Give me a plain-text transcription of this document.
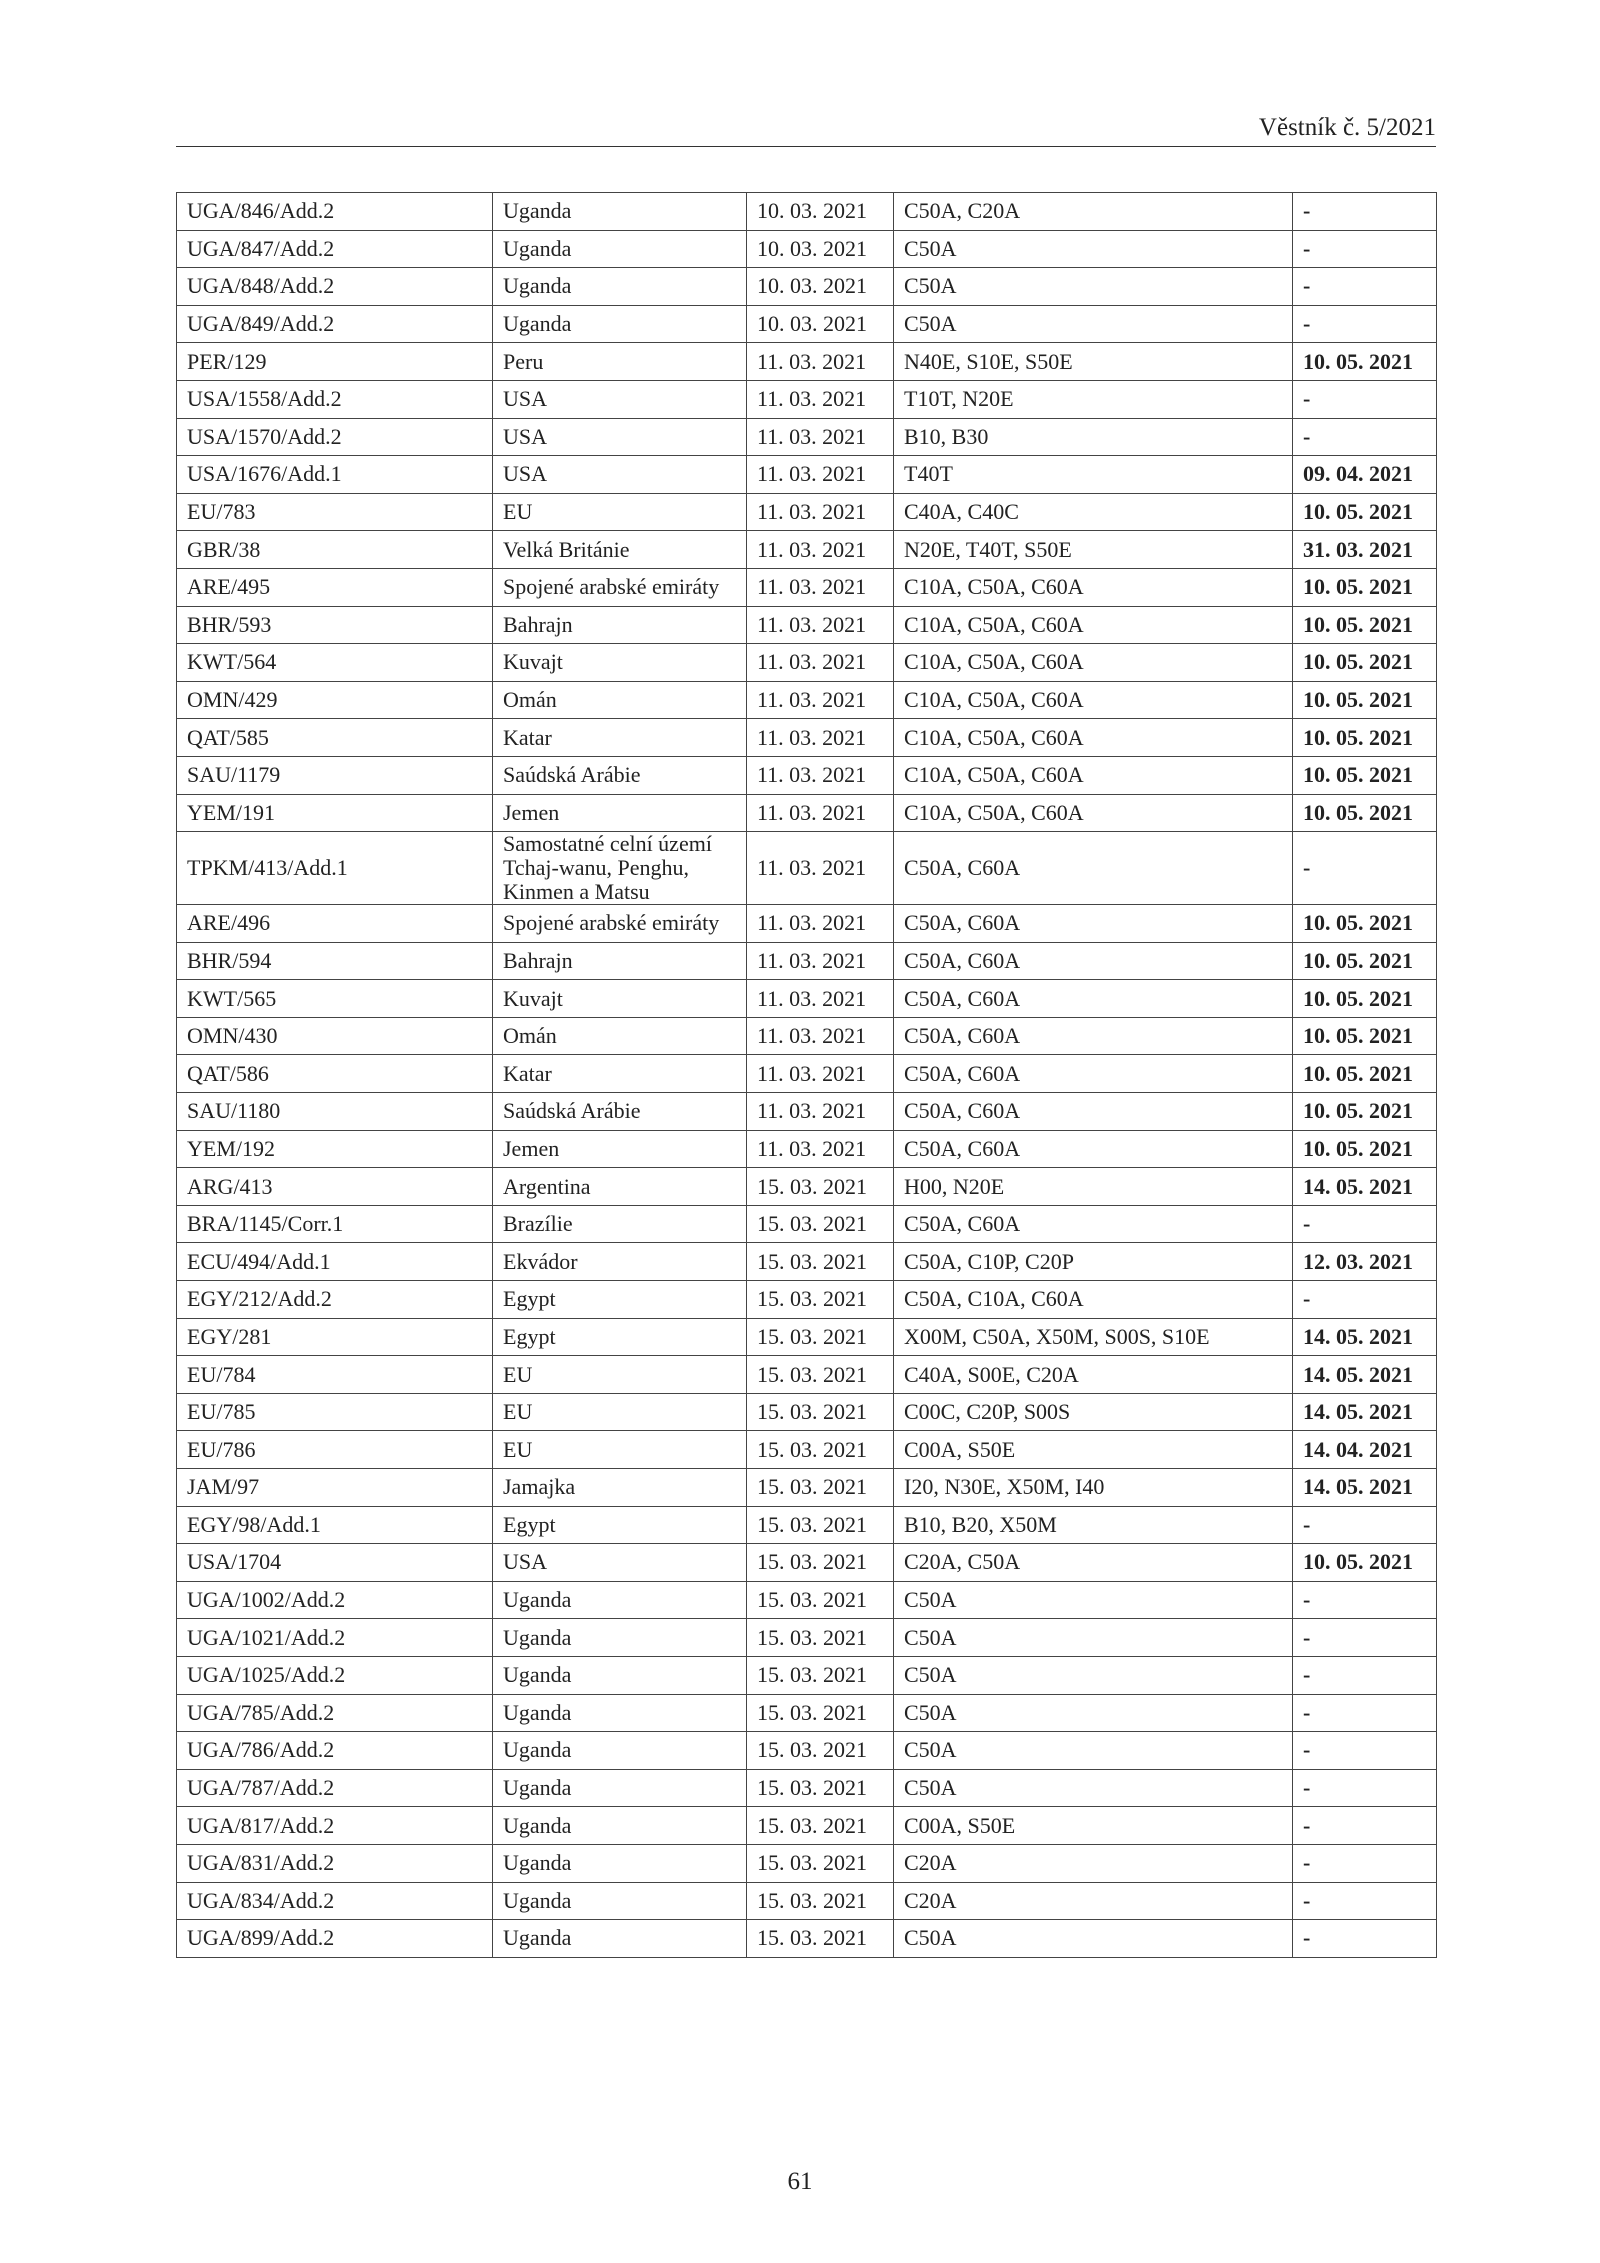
Věstník č. 5/2021
UGA/846/Add.2	Uganda	10. 03. 2021	C50A, C20A	-
UGA/847/Add.2	Uganda	10. 03. 2021	C50A	-
UGA/848/Add.2	Uganda	10. 03. 2021	C50A	-
UGA/849/Add.2	Uganda	10. 03. 2021	C50A	-
PER/129	Peru	11. 03. 2021	N40E, S10E, S50E	10. 05. 2021
USA/1558/Add.2	USA	11. 03. 2021	T10T, N20E	-
USA/1570/Add.2	USA	11. 03. 2021	B10, B30	-
USA/1676/Add.1	USA	11. 03. 2021	T40T	09. 04. 2021
EU/783	EU	11. 03. 2021	C40A, C40C	10. 05. 2021
GBR/38	Velká Británie	11. 03. 2021	N20E, T40T, S50E	31. 03. 2021
ARE/495	Spojené arabské emiráty	11. 03. 2021	C10A, C50A, C60A	10. 05. 2021
BHR/593	Bahrajn	11. 03. 2021	C10A, C50A, C60A	10. 05. 2021
KWT/564	Kuvajt	11. 03. 2021	C10A, C50A, C60A	10. 05. 2021
OMN/429	Omán	11. 03. 2021	C10A, C50A, C60A	10. 05. 2021
QAT/585	Katar	11. 03. 2021	C10A, C50A, C60A	10. 05. 2021
SAU/1179	Saúdská Arábie	11. 03. 2021	C10A, C50A, C60A	10. 05. 2021
YEM/191	Jemen	11. 03. 2021	C10A, C50A, C60A	10. 05. 2021
TPKM/413/Add.1	Samostatné celní území Tchaj-wanu, Penghu, Kinmen a Matsu	11. 03. 2021	C50A, C60A	-
ARE/496	Spojené arabské emiráty	11. 03. 2021	C50A, C60A	10. 05. 2021
BHR/594	Bahrajn	11. 03. 2021	C50A, C60A	10. 05. 2021
KWT/565	Kuvajt	11. 03. 2021	C50A, C60A	10. 05. 2021
OMN/430	Omán	11. 03. 2021	C50A, C60A	10. 05. 2021
QAT/586	Katar	11. 03. 2021	C50A, C60A	10. 05. 2021
SAU/1180	Saúdská Arábie	11. 03. 2021	C50A, C60A	10. 05. 2021
YEM/192	Jemen	11. 03. 2021	C50A, C60A	10. 05. 2021
ARG/413	Argentina	15. 03. 2021	H00, N20E	14. 05. 2021
BRA/1145/Corr.1	Brazílie	15. 03. 2021	C50A, C60A	-
ECU/494/Add.1	Ekvádor	15. 03. 2021	C50A, C10P, C20P	12. 03. 2021
EGY/212/Add.2	Egypt	15. 03. 2021	C50A, C10A, C60A	-
EGY/281	Egypt	15. 03. 2021	X00M, C50A, X50M, S00S, S10E	14. 05. 2021
EU/784	EU	15. 03. 2021	C40A, S00E, C20A	14. 05. 2021
EU/785	EU	15. 03. 2021	C00C, C20P, S00S	14. 05. 2021
EU/786	EU	15. 03. 2021	C00A, S50E	14. 04. 2021
JAM/97	Jamajka	15. 03. 2021	I20, N30E, X50M, I40	14. 05. 2021
EGY/98/Add.1	Egypt	15. 03. 2021	B10, B20, X50M	-
USA/1704	USA	15. 03. 2021	C20A, C50A	10. 05. 2021
UGA/1002/Add.2	Uganda	15. 03. 2021	C50A	-
UGA/1021/Add.2	Uganda	15. 03. 2021	C50A	-
UGA/1025/Add.2	Uganda	15. 03. 2021	C50A	-
UGA/785/Add.2	Uganda	15. 03. 2021	C50A	-
UGA/786/Add.2	Uganda	15. 03. 2021	C50A	-
UGA/787/Add.2	Uganda	15. 03. 2021	C50A	-
UGA/817/Add.2	Uganda	15. 03. 2021	C00A, S50E	-
UGA/831/Add.2	Uganda	15. 03. 2021	C20A	-
UGA/834/Add.2	Uganda	15. 03. 2021	C20A	-
UGA/899/Add.2	Uganda	15. 03. 2021	C50A	-
61
